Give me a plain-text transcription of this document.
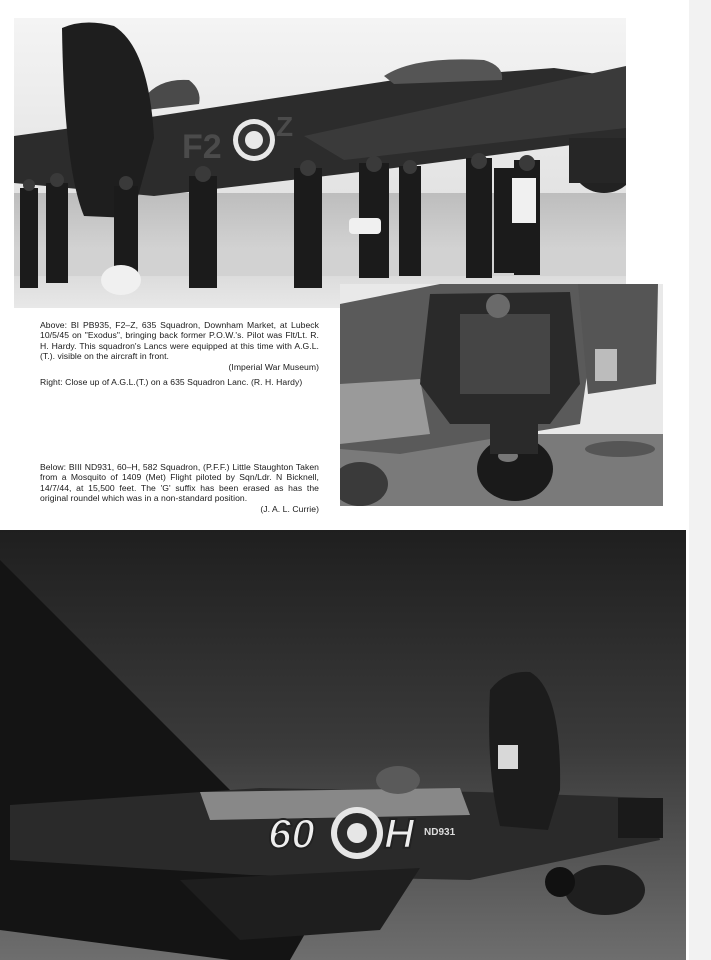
F2
Z
60 H ND931
Above: BI PB935, F2–Z, 635 Squadron, Downham Market, at Lubeck 10/5/45 on "Exodus", bringing back former P.O.W.'s. Pilot was Flt/Lt. R. H. Hardy. This squadron's Lancs were equipped at this time with A.G.L.(T.). visible on the aircraft in front.
(Imperial War Museum)
Right: Close up of A.G.L.(T.) on a 635 Squadron Lanc. (R. H. Hardy)
Below: BIII ND931, 60–H, 582 Squadron, (P.F.F.) Little Staughton Taken from a Mosquito of 1409 (Met) Flight piloted by Sqn/Ldr. N Bicknell, 14/7/44, at 15,500 feet. The 'G' suffix has been erased as has the original roundel which was in a non-standard position.
(J. A. L. Currie)
